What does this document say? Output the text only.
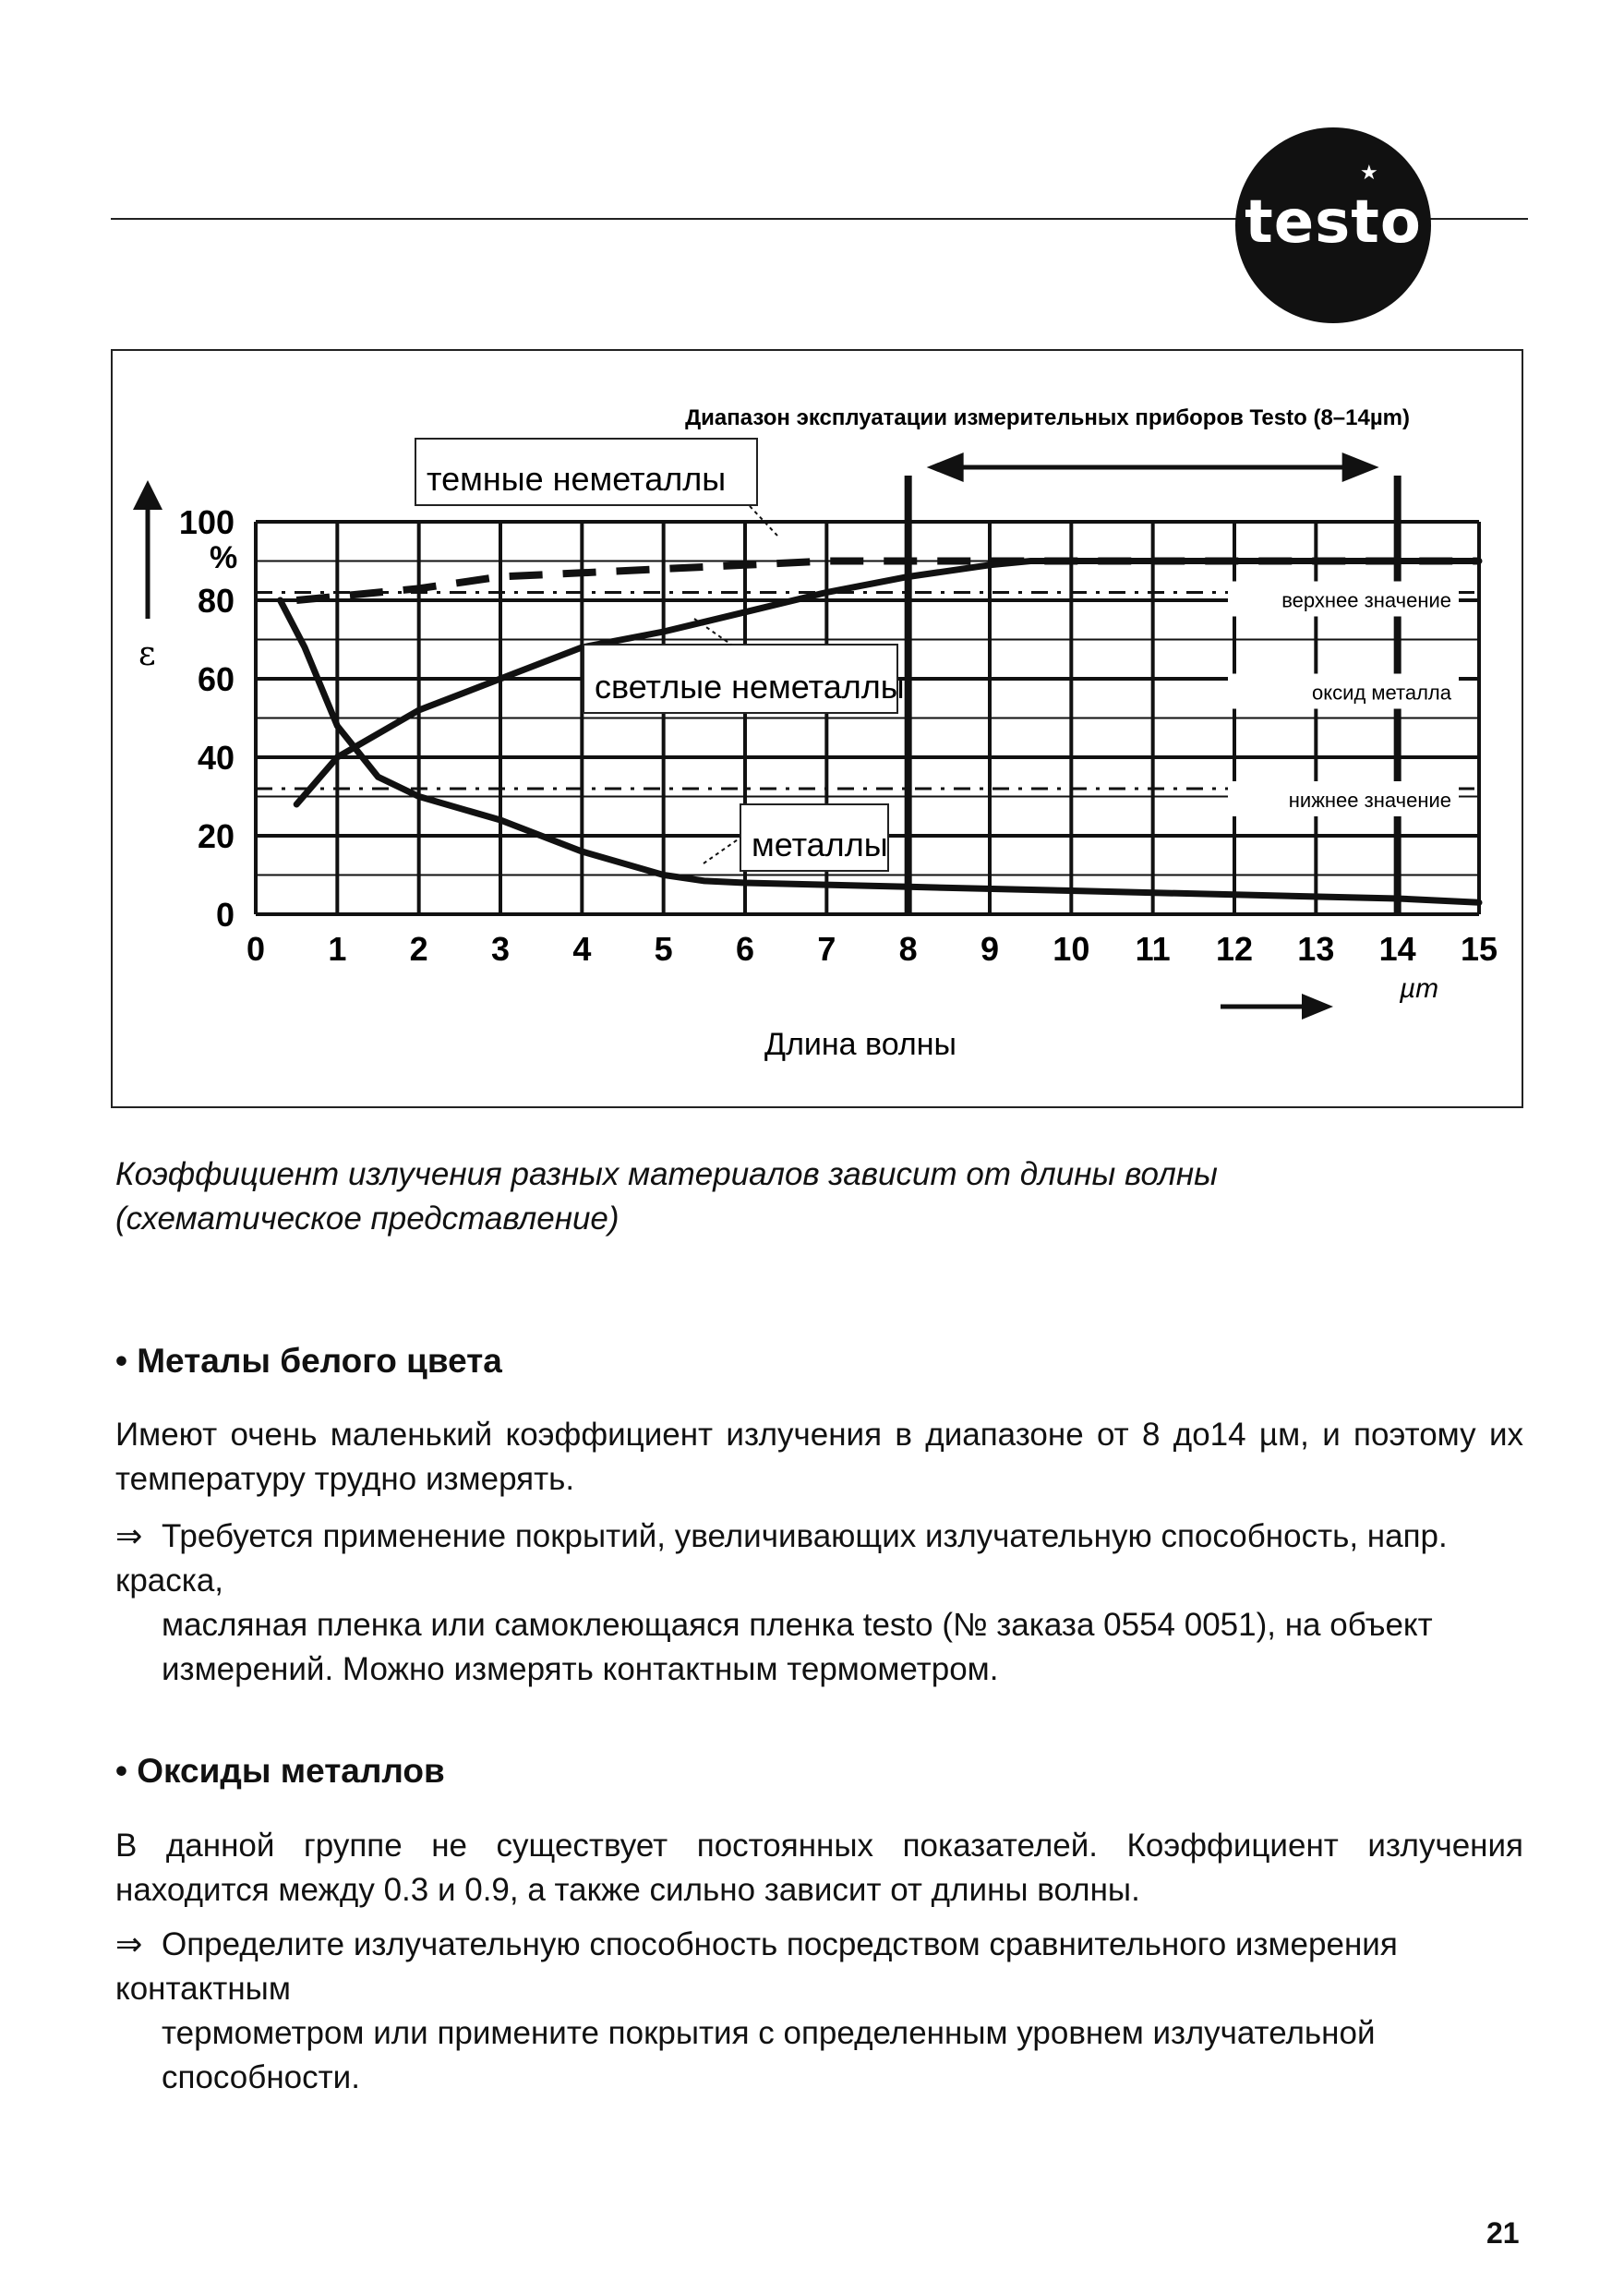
★
testo
0 1 2 3 4 5 6 7 8 9 10 11 12 13 14 15
0
20
40
60
80
100
%
ε
Длина волны
µm
Диапазон эксплуатации измерительных приборов Testo (8–14µm)
темные неметаллы
светлые неметаллы
металлы
верхнее значение
оксид металла
нижнее значение
Коэффициент излучения разных материалов зависит от длины волны (схематическое представление)
• Металы белого цвета
Имеют очень маленький коэффициент излучения в диапазоне от 8 до14 µм, и поэтому их температуру трудно измерять.
⇒ Требуется применение покрытий, увеличивающих излучательную способность, напр. краска,
масляная пленка или самоклеющаяся пленка testo (№ заказа 0554 0051), на объект измерений. Можно измерять контактным термометром.
• Оксиды металлов
В данной группе не существует постоянных показателей. Коэффициент излучения находится между 0.3 и 0.9, а также сильно зависит от длины волны.
⇒ Определите излучательную способность посредством сравнительного измерения контактным
термометром или примените покрытия с определенным уровнем излучательной способности.
21
